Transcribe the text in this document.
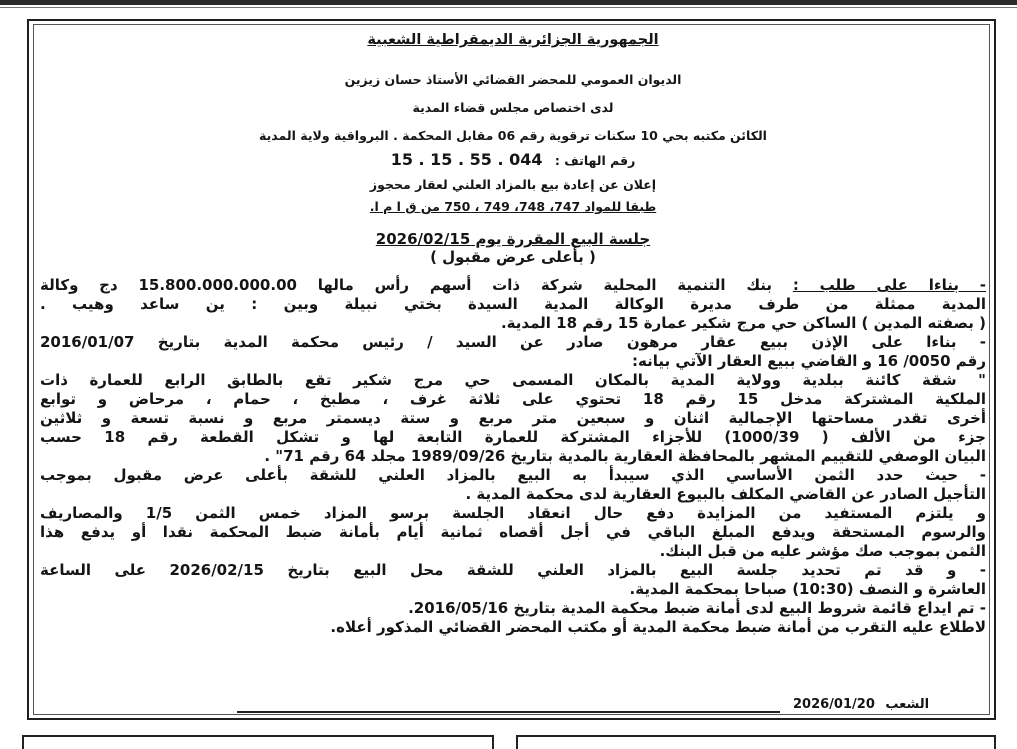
الجمهورية الجزائرية الديمقراطية الشعبية
الديوان العمومي للمحضر القضائي الأستاذ حسان زيزين
لدى اختصاص مجلس قضاء المدية
الكائن مكتبه بحي 10 سكنات ترقوية رقم 06 مقابل المحكمة . البرواقية ولاية المدية
رقم الهاتف : 044 . 55 . 15 . 15
إعلان عن إعادة بيع بالمزاد العلني لعقار محجوز
طبقا للمواد 747، 748، 749 ، 750 من ق ا م ا.
جلسة البيع المقررة يوم 2026/02/15
( بأعلى عرض مقبول )
- بناءا على طلب : بنك التنمية المحلية شركة ذات أسهم رأس مالها 15.800.000.000.00 دج وكالة
المدية ممثلة من طرف مديرة الوكالة المدية السيدة بختي نبيلة وبين : ين ساعد وهيب .
( بصفته المدين ) الساكن حي مرج شكير عمارة 15 رقم 18 المدية.
- بناءا على الإذن ببيع عقار مرهون صادر عن السيد / رئيس محكمة المدية بتاريخ 2016/01/07
رقم 0050/ 16 و القاضي ببيع العقار الآتي بيانه:
" شقة كائنة ببلدية وولاية المدية بالمكان المسمى حي مرج شكير تقع بالطابق الرابع للعمارة ذات
الملكية المشتركة مدخل 15 رقم 18 تحتوي على ثلاثة غرف ، مطبخ ، حمام ، مرحاض و توابع
أخرى تقدر مساحتها الإجمالية اثنان و سبعين متر مربع و ستة ديسمتر مربع و نسبة تسعة و ثلاثين
جزء من الألف ( 1000/39) للأجزاء المشتركة للعمارة التابعة لها و تشكل القطعة رقم 18 حسب
البيان الوصفي للتقييم المشهر بالمحافظة العقارية بالمدية بتاريخ 1989/09/26 مجلد 64 رقم 71" .
- حيث حدد الثمن الأساسي الذي سيبدأ به البيع بالمزاد العلني للشقة بأعلى عرض مقبول بموجب
التأجيل الصادر عن القاضي المكلف بالبيوع العقارية لدى محكمة المدية .
و يلتزم المستفيد من المزايدة دفع حال انعقاد الجلسة برسو المزاد خمس الثمن 1/5 والمصاريف
والرسوم المستحقة ويدفع المبلغ الباقي في أجل أقصاه ثمانية أيام بأمانة ضبط المحكمة نقدا أو يدفع هذا
الثمن بموجب صك مؤشر عليه من قبل البنك.
- و قد تم تحديد جلسة البيع بالمزاد العلني للشقة محل البيع بتاريخ 2026/02/15 على الساعة
العاشرة و النصف (10:30) صباحا بمحكمة المدية.
- تم ايداع قائمة شروط البيع لدى أمانة ضبط محكمة المدية بتاريخ 2016/05/16.
لاطلاع عليه التقرب من أمانة ضبط محكمة المدية أو مكتب المحضر القضائي المذكور أعلاه.
الشعب 2026/01/20
